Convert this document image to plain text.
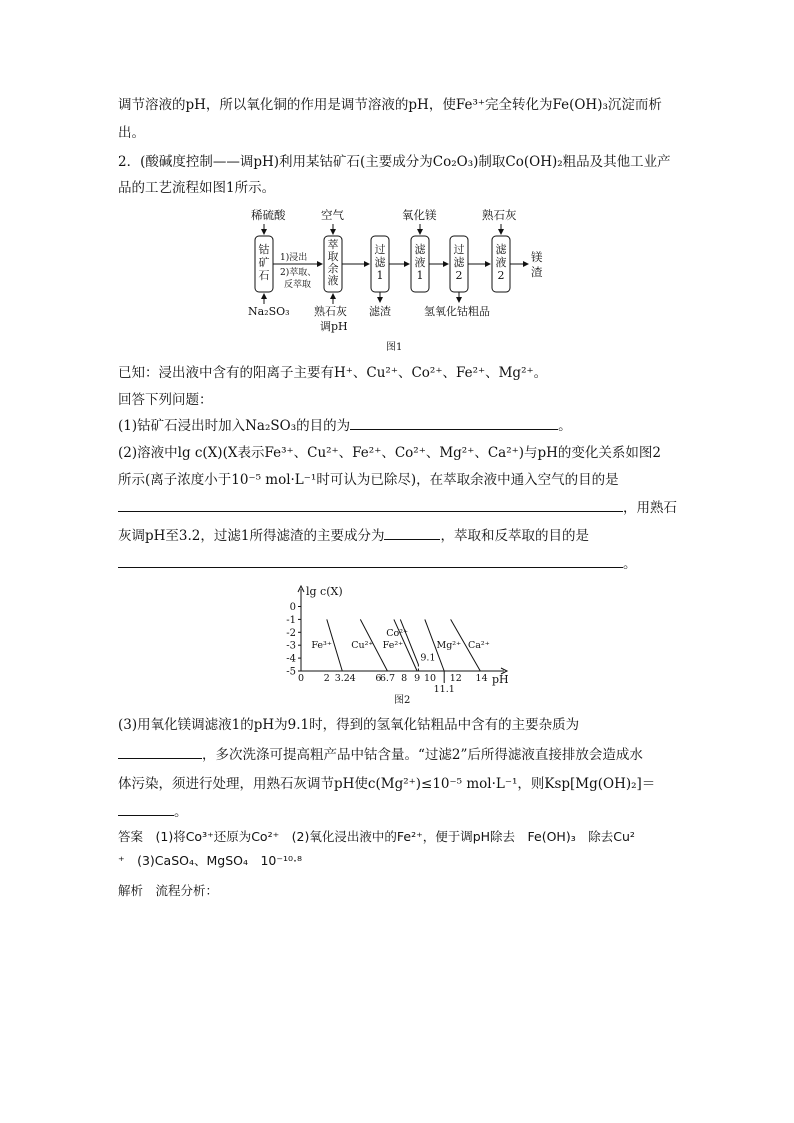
调节溶液的pH，所以氧化铜的作用是调节溶液的pH，使Fe³⁺完全转化为Fe(OH)₃沉淀而析
出。
2．(酸碱度控制——调pH)利用某钴矿石(主要成分为Co₂O₃)制取Co(OH)₂粗品及其他工业产
品的工艺流程如图1所示。
稀硫酸	空气	氧化镁	熟石灰
钴矿石
萃取余液
过滤 1
滤液 1
过滤 2
滤液 2
1)浸出
2)萃取、
反萃取
镁
渣
Na₂SO₃ 熟石灰
调pH
滤渣	氢氧化钴粗品
图1
已知：浸出液中含有的阳离子主要有H⁺、Cu²⁺、Co²⁺、Fe²⁺、Mg²⁺。
回答下列问题：
(1)钴矿石浸出时加入Na₂SO₃的目的为	。
(2)溶液中lg c(X)(X表示Fe³⁺、Cu²⁺、Fe²⁺、Co²⁺、Mg²⁺、Ca²⁺)与pH的变化关系如图2
所示(离子浓度小于10⁻⁵ mol·L⁻¹时可认为已除尽)，在萃取余液中通入空气的目的是
，用熟石
灰调pH至3.2，过滤1所得滤渣的主要成分为	，萃取和反萃取的目的是
。
lg c(X)
pH
0
-1
-2
-3
-4
-5
0 2 3.2 4 6
6.7 8 9 10 12 14
9.1
11.1
Fe³⁺ Cu²⁺ Fe²⁺
Co²⁺
Mg²⁺ Ca²⁺
图2
(3)用氧化镁调滤液1的pH为9.1时，得到的氢氧化钴粗品中含有的主要杂质为
，多次洗涤可提高粗产品中钴含量。“过滤2”后所得滤液直接排放会造成水
体污染，须进行处理，用熟石灰调节pH使c(Mg²⁺)≤10⁻⁵ mol·L⁻¹，则Ksp[Mg(OH)₂]＝
。
答案　(1)将Co³⁺还原为Co²⁺　(2)氧化浸出液中的Fe²⁺，便于调pH除去　Fe(OH)₃　除去Cu²
⁺　(3)CaSO₄、MgSO₄　10⁻¹⁰·⁸
解析　流程分析：
